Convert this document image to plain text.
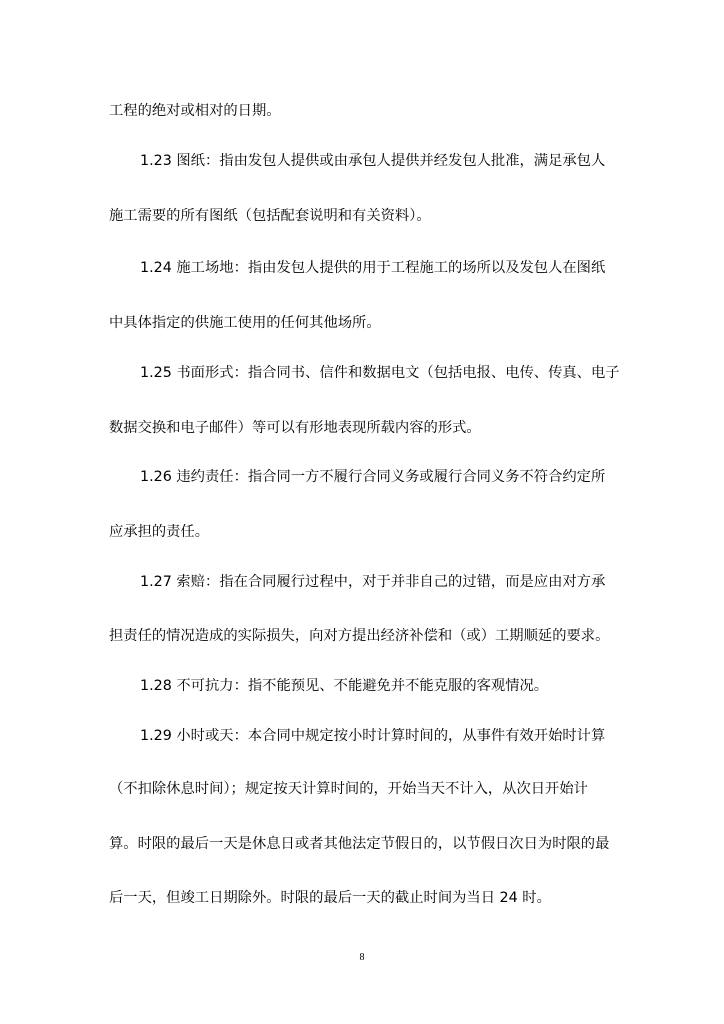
工程的绝对或相对的日期。
1.23 图纸：指由发包人提供或由承包人提供并经发包人批准，满足承包人
施工需要的所有图纸（包括配套说明和有关资料）。
1.24 施工场地：指由发包人提供的用于工程施工的场所以及发包人在图纸
中具体指定的供施工使用的任何其他场所。
1.25 书面形式：指合同书、信件和数据电文（包括电报、电传、传真、电子
数据交换和电子邮件）等可以有形地表现所载内容的形式。
1.26 违约责任：指合同一方不履行合同义务或履行合同义务不符合约定所
应承担的责任。
1.27 索赔：指在合同履行过程中，对于并非自己的过错，而是应由对方承
担责任的情况造成的实际损失，向对方提出经济补偿和（或）工期顺延的要求。
1.28 不可抗力：指不能预见、不能避免并不能克服的客观情况。
1.29 小时或天：本合同中规定按小时计算时间的，从事件有效开始时计算
（不扣除休息时间）；规定按天计算时间的，开始当天不计入，从次日开始计
算。时限的最后一天是休息日或者其他法定节假日的，以节假日次日为时限的最
后一天，但竣工日期除外。时限的最后一天的截止时间为当日 24 时。
8
